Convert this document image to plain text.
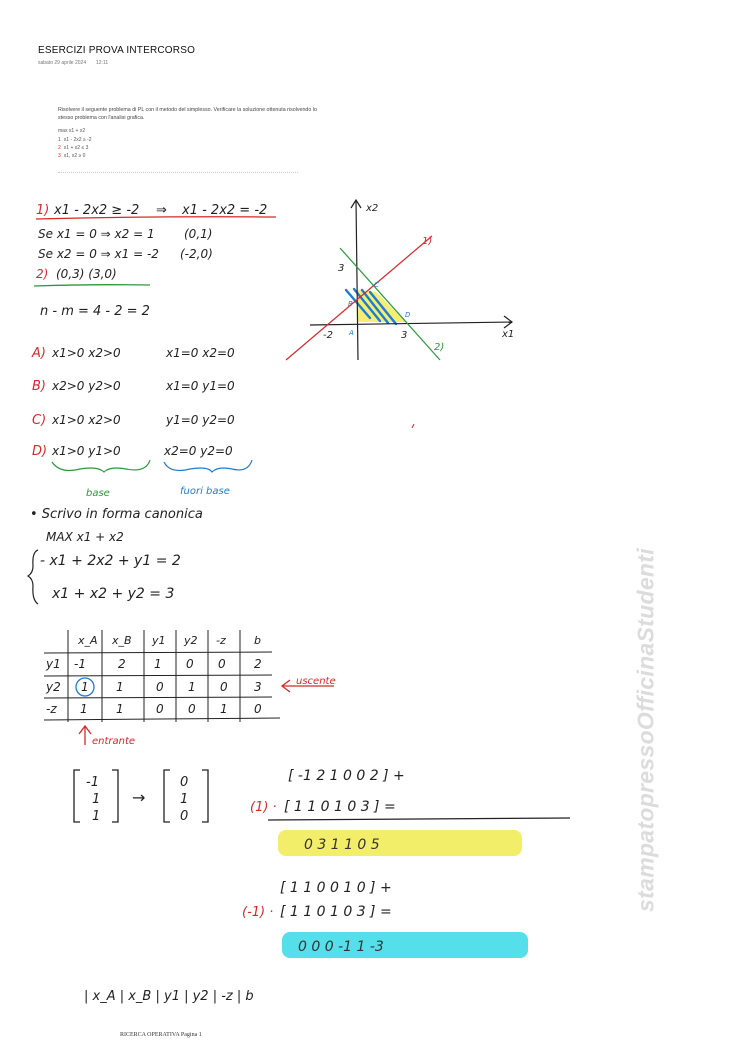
ESERCIZI PROVA INTERCORSO
sabato 29 aprile 2024 12:11
Risolvere il seguente problema di PL con il metodo del simplesso. Verificare la soluzione ottenuta risolvendo lo
stesso problema con l'analisi grafica.
max x1 + x2
1 x1 - 2x2 ≥ -2
2 x1 + x2 ≤ 3
3 x1, x2 ≥ 0
1) x1 - 2x2 ≥ -2 ⇒ x1 - 2x2 = -2
Se x1 = 0 ⇒ x2 = 1 (0,1)
Se x2 = 0 ⇒ x1 = -2 (-2,0)
2) (0,3) (3,0)
n - m = 4 - 2 = 2
A) x1>0 x2>0	x1=0 x2=0
B) x2>0 y2>0	x1=0 y1=0
C) x1>0 x2>0	y1=0 y2=0
D) x1>0 y1>0	x2=0 y2=0
base	fuori base
• Scrivo in forma canonica
MAX x1 + x2
- x1 + 2x2 + y1 = 2
x1 + x2 + y2 = 3
x2
x1
-2	3
3
1)
2)
A
B
C
D
x_A x_B y1 y2 -z	b
y1 -1	2 1 0 0 2
y2 1 1	0 1 0 3
-z 1 1	0 0 1 0
uscente
entrante
-1
1
1
→
0
1
0
[ -1 2 1 0 0 2 ] +
(1) · [ 1 1 0 1 0 3 ] =
0 3 1 1 0 5
[ 1 1 0 0 1 0 ] +
(-1) · [ 1 1 0 1 0 3 ] =
0 0 0 -1 1 -3
| x_A | x_B | y1 | y2 | -z | b
stampatopressoOfficinaStudenti
RICERCA OPERATIVA Pagina 1
